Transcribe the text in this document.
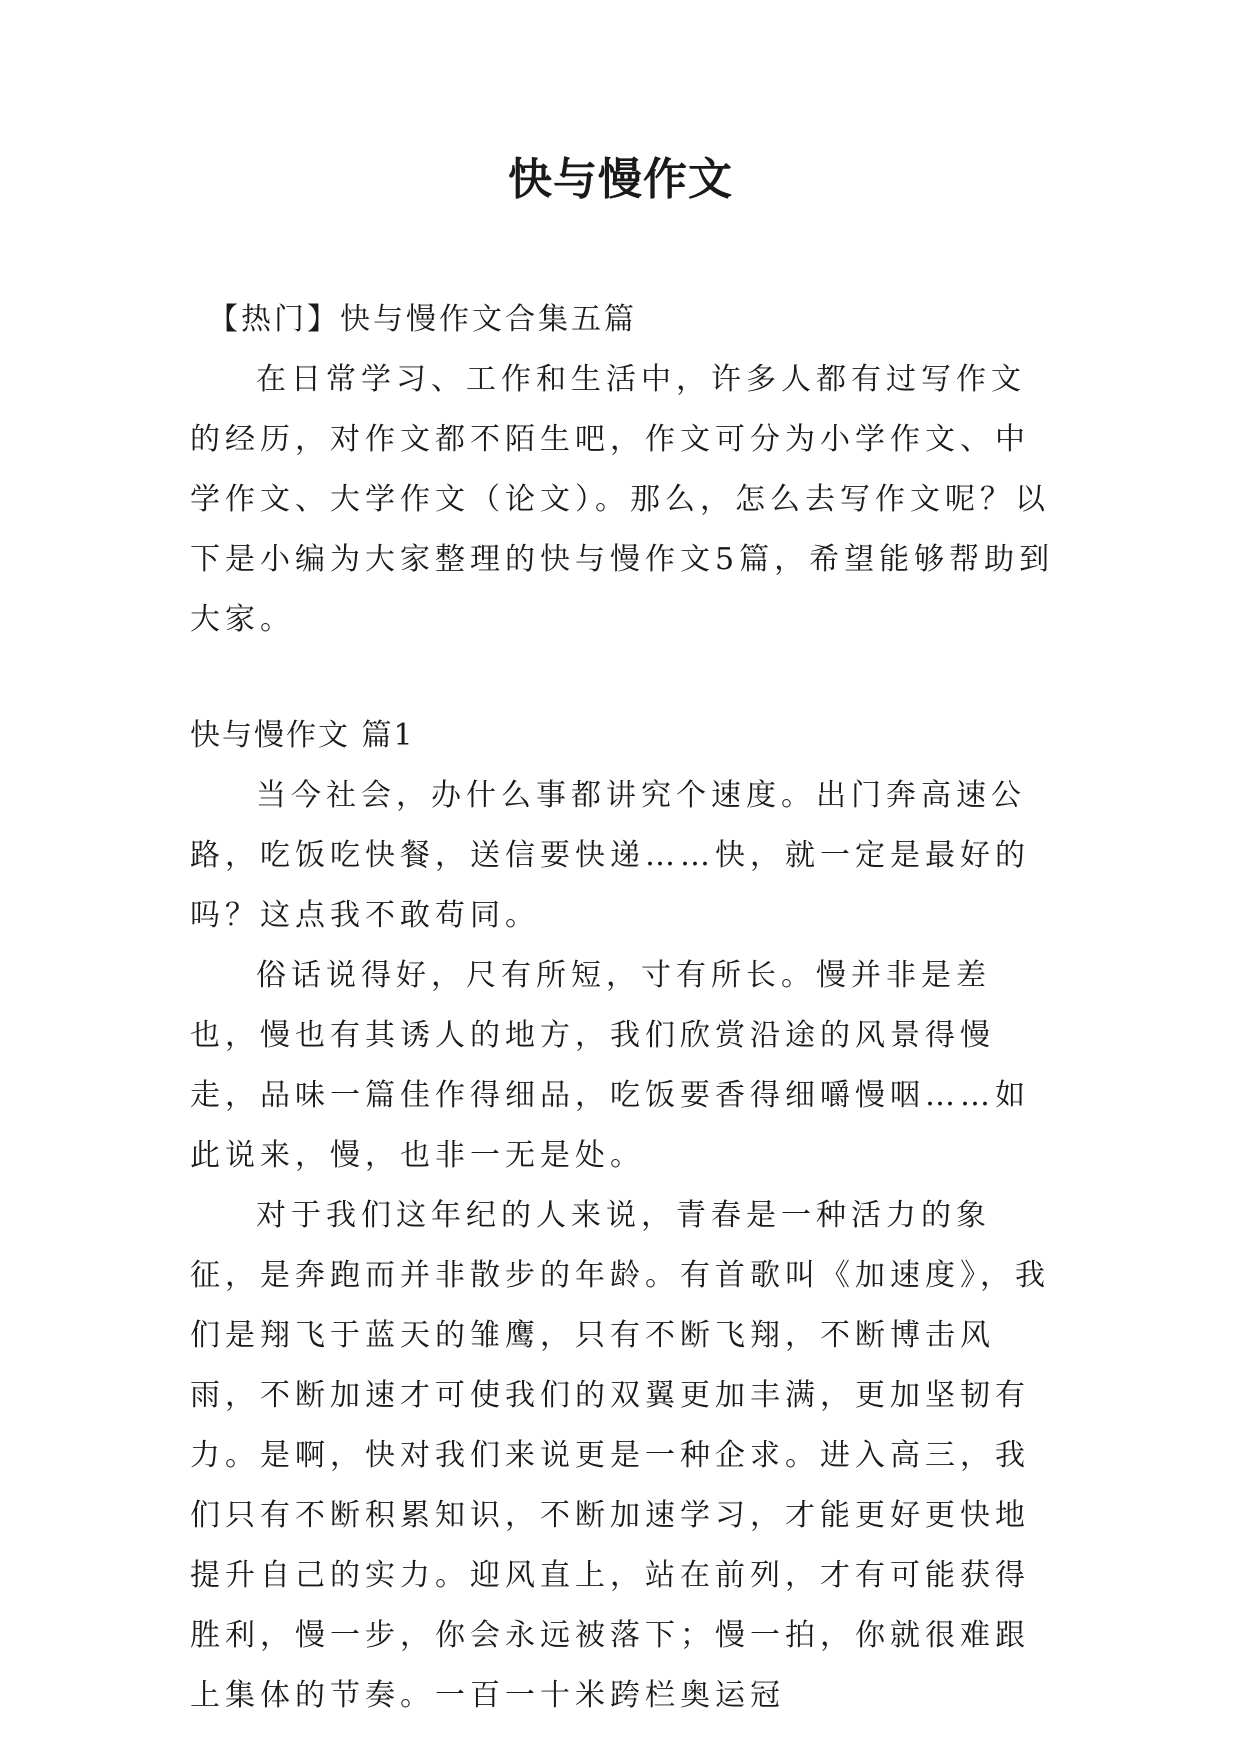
快与慢作文

【热门】快与慢作文合集五篇

在日常学习、工作和生活中，许多人都有过写作文的经历，对作文都不陌生吧，作文可分为小学作文、中学作文、大学作文（论文）。那么，怎么去写作文呢？以下是小编为大家整理的快与慢作文5篇，希望能够帮助到大家。

快与慢作文 篇1

当今社会，办什么事都讲究个速度。出门奔高速公路，吃饭吃快餐，送信要快递……快，就一定是最好的吗？这点我不敢苟同。

俗话说得好，尺有所短，寸有所长。慢并非是差也，慢也有其诱人的地方，我们欣赏沿途的风景得慢走，品味一篇佳作得细品，吃饭要香得细嚼慢咽……如此说来，慢，也非一无是处。

对于我们这年纪的人来说，青春是一种活力的象征，是奔跑而并非散步的年龄。有首歌叫《加速度》，我们是翔飞于蓝天的雏鹰，只有不断飞翔，不断博击风雨，不断加速才可使我们的双翼更加丰满，更加坚韧有力。是啊，快对我们来说更是一种企求。进入高三，我们只有不断积累知识，不断加速学习，才能更好更快地提升自己的实力。迎风直上，站在前列，才有可能获得胜利，慢一步，你会永远被落下；慢一拍，你就很难跟上集体的节奏。一百一十米跨栏奥运冠
